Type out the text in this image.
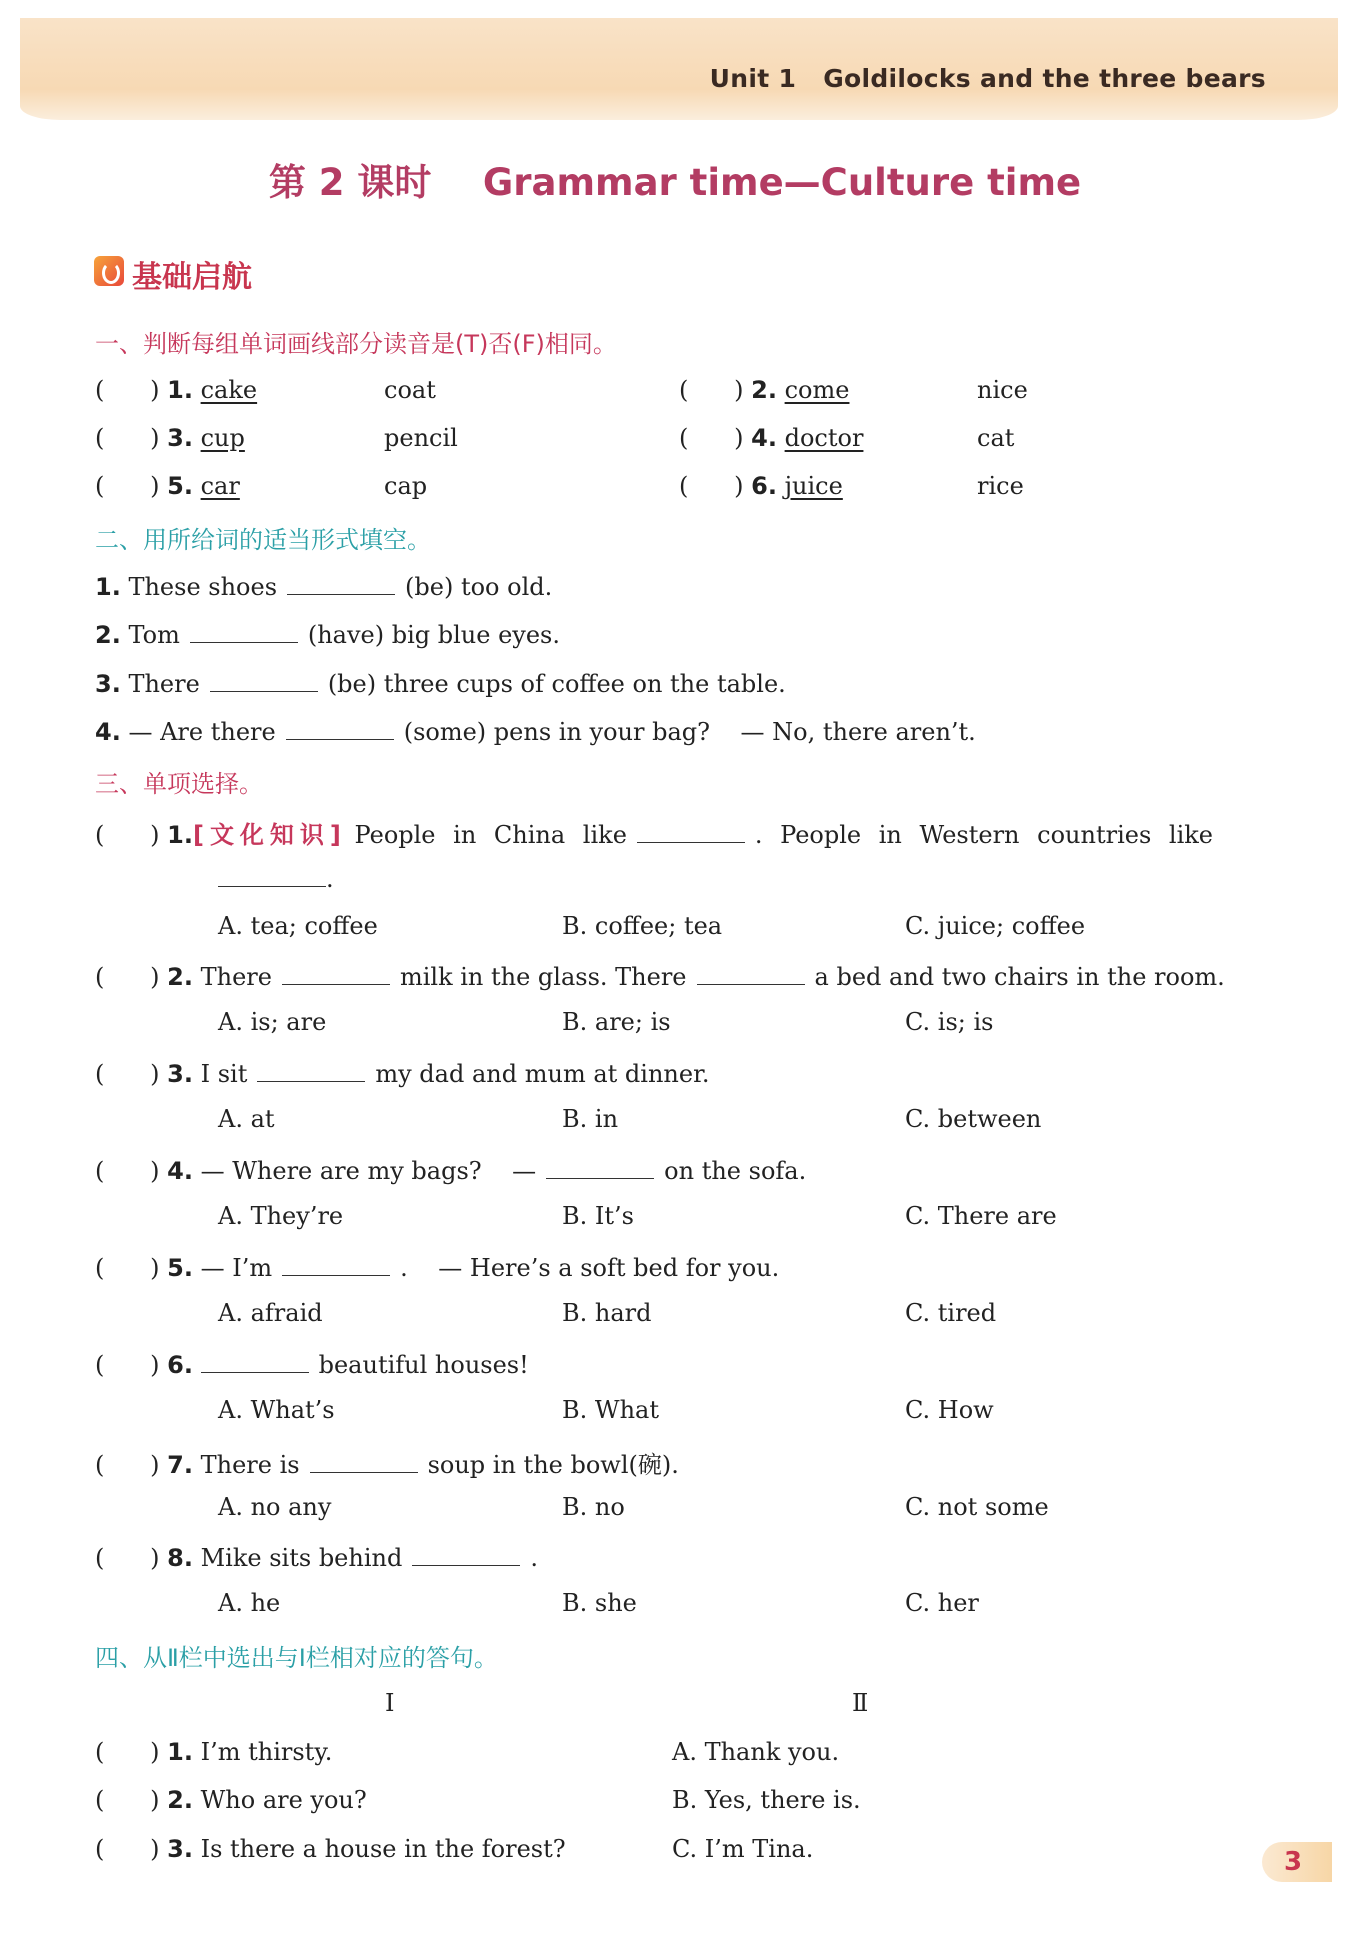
Unit 1 Goldilocks and the three bears
第 2 课时    Grammar time—Culture time
基础启航
一、判断每组单词画线部分读音是(T)否(F)相同。
(      ) 1. cake	coat	(      ) 2. come	nice
(      ) 3. cup	pencil	(      ) 4. doctor	cat
(      ) 5. car	cap	(      ) 6. juice	rice
二、用所给词的适当形式填空。
1. These shoes	(be) too old.
2. Tom	(have) big blue eyes.
3. There	(be) three cups of coffee on the table.
4. — Are there	(some) pens in your bag? — No, there aren’t.
三、单项选择。
(      ) 1.[文化知识] People in China like	. People in Western countries like
.
A. tea; coffee	B. coffee; tea	C. juice; coffee
(      ) 2. There	milk in the glass. There	a bed and two chairs in the room.
A. is; are	B. are; is	C. is; is
(      ) 3. I sit	my dad and mum at dinner.
A. at	B. in	C. between
(      ) 4. — Where are my bags? —	on the sofa.
A. They’re	B. It’s	C. There are
(      ) 5. — I’m	. — Here’s a soft bed for you.
A. afraid	B. hard	C. tired
(      ) 6.	beautiful houses!
A. What’s	B. What	C. How
(      ) 7. There is	soup in the bowl(碗).
A. no any	B. no	C. not some
(      ) 8. Mike sits behind	.
A. he	B. she	C. her
四、从Ⅱ栏中选出与Ⅰ栏相对应的答句。
Ⅰ	Ⅱ
(      ) 1. I’m thirsty.	A. Thank you.
(      ) 2. Who are you?	B. Yes, there is.
(      ) 3. Is there a house in the forest?	C. I’m Tina.	3
